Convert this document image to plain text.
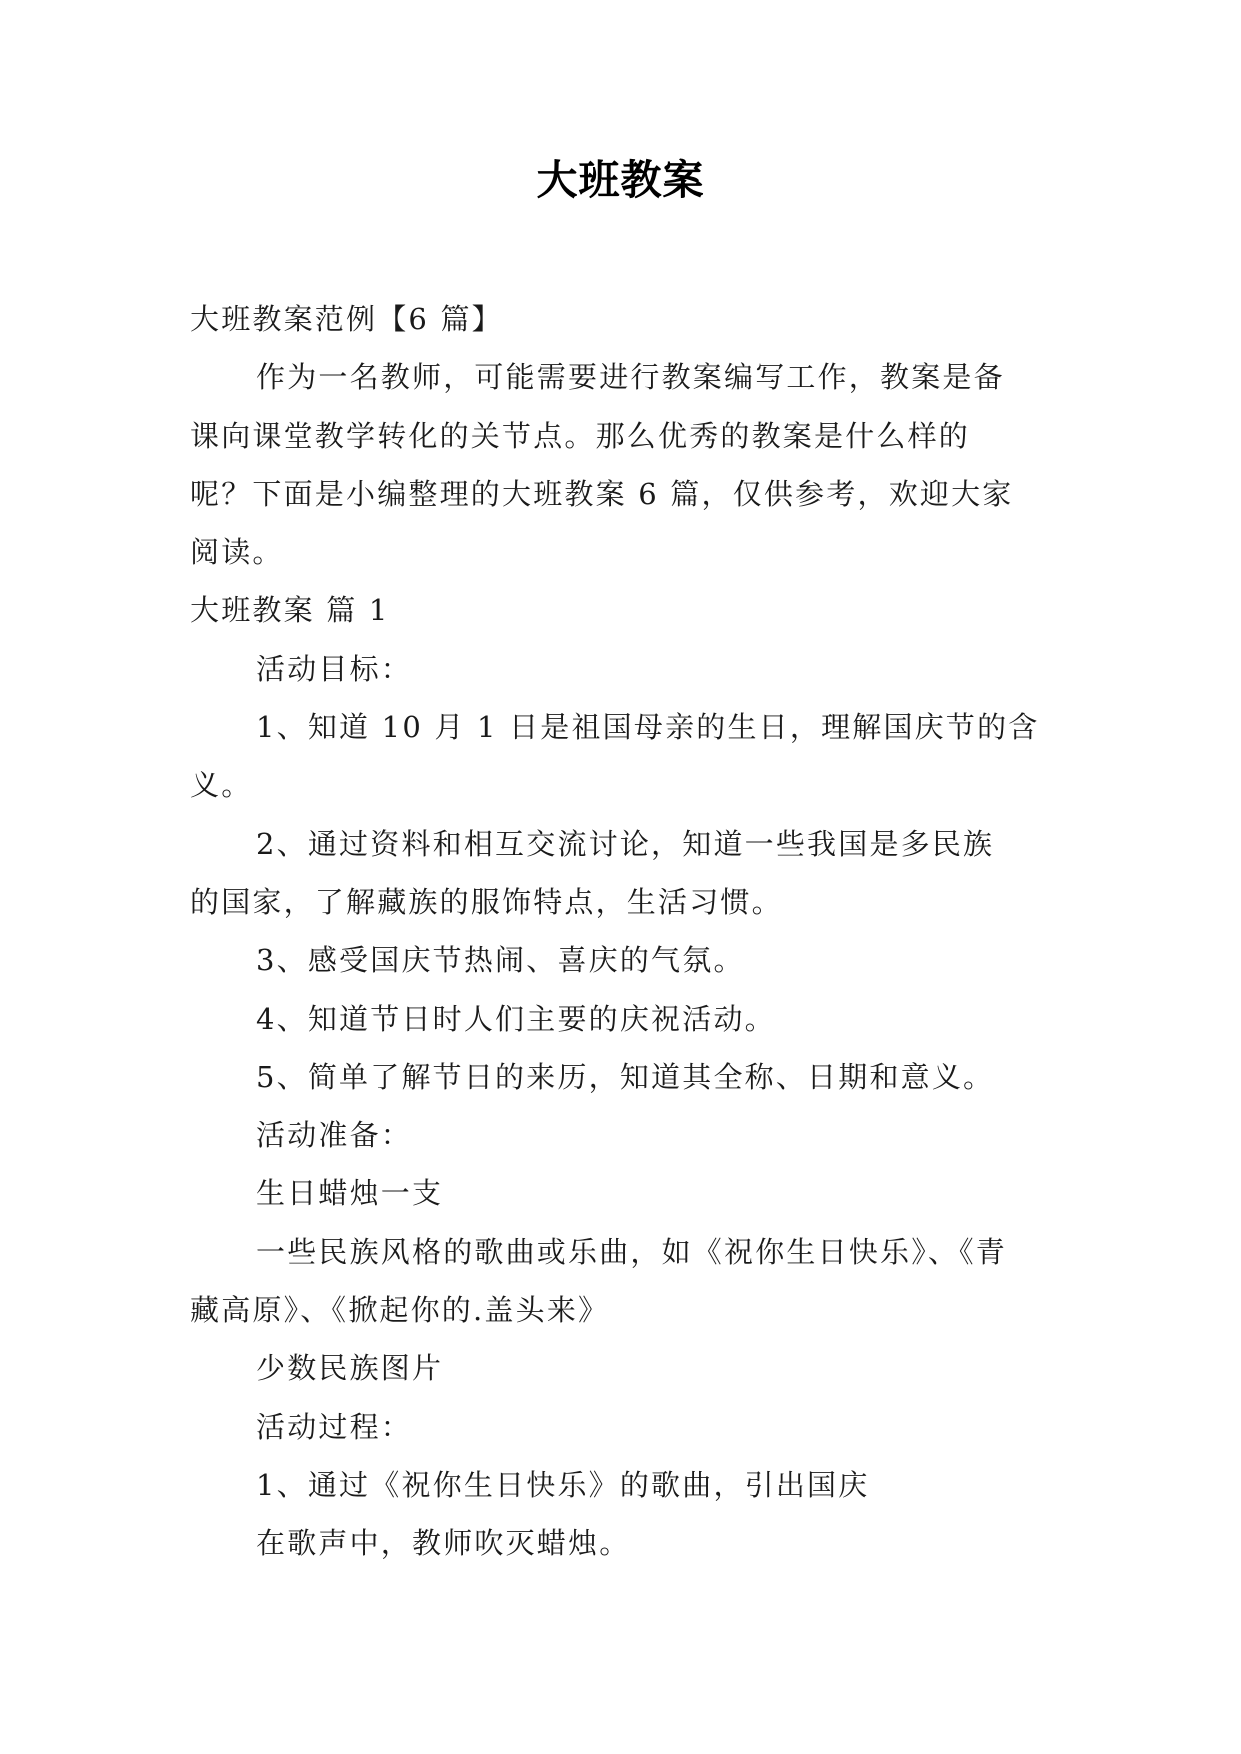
大班教案
大班教案范例【6 篇】
作为一名教师，可能需要进行教案编写工作，教案是备
课向课堂教学转化的关节点。那么优秀的教案是什么样的
呢？下面是小编整理的大班教案 6 篇，仅供参考，欢迎大家
阅读。
大班教案 篇 1
活动目标：
1、知道 10 月 1 日是祖国母亲的生日，理解国庆节的含
义。
2、通过资料和相互交流讨论，知道一些我国是多民族
的国家，了解藏族的服饰特点，生活习惯。
3、感受国庆节热闹、喜庆的气氛。
4、知道节日时人们主要的庆祝活动。
5、简单了解节日的来历，知道其全称、日期和意义。
活动准备：
生日蜡烛一支
一些民族风格的歌曲或乐曲，如《祝你生日快乐》、《青
藏高原》、《掀起你的.盖头来》
少数民族图片
活动过程：
1、通过《祝你生日快乐》的歌曲，引出国庆
在歌声中，教师吹灭蜡烛。
